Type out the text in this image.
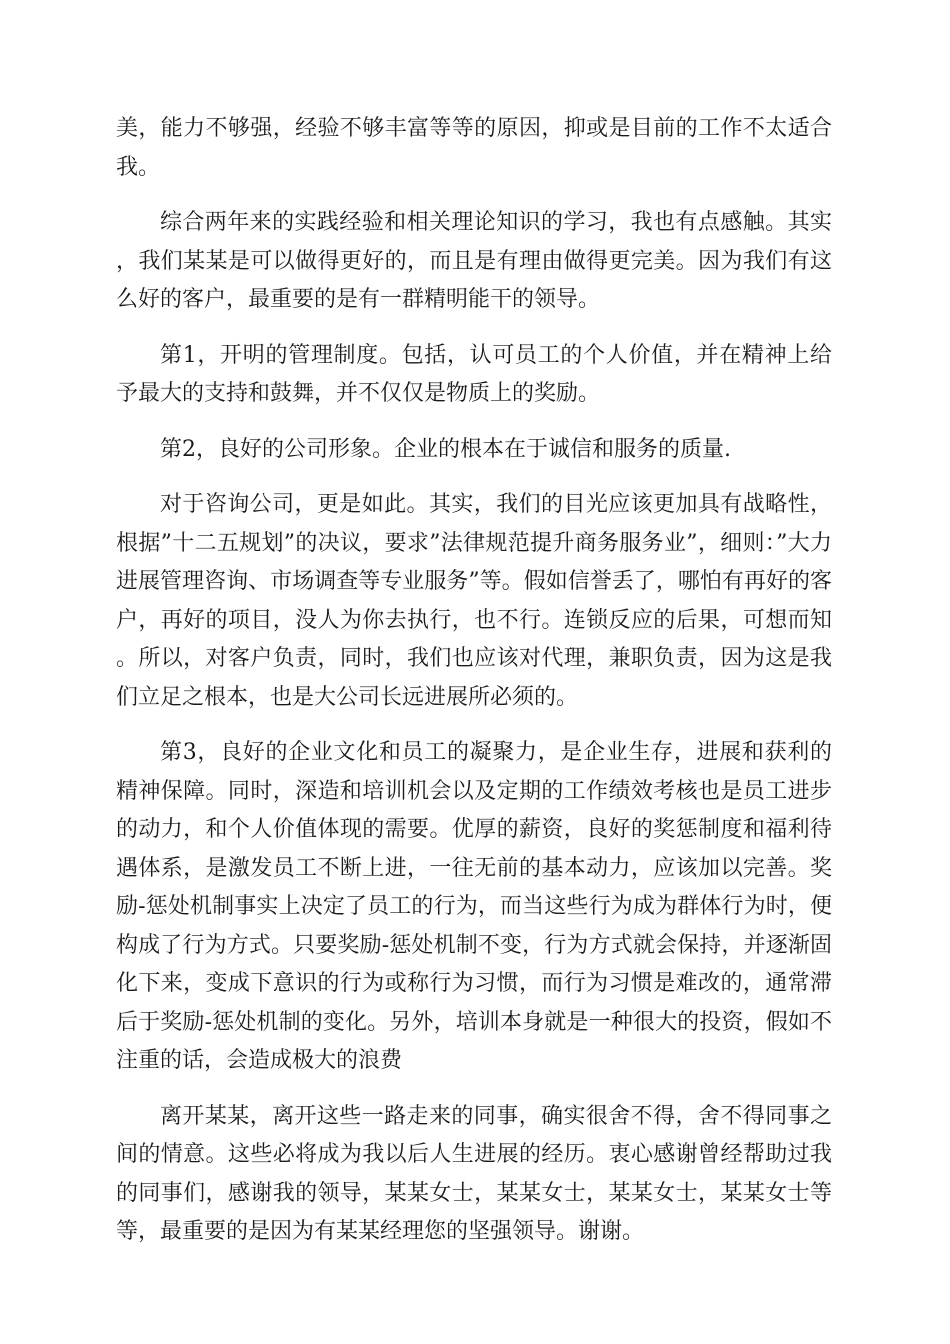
美，能力不够强，经验不够丰富等等的原因，抑或是目前的工作不太适合我。

综合两年来的实践经验和相关理论知识的学习，我也有点感触。其实，我们某某是可以做得更好的，而且是有理由做得更完美。因为我们有这么好的客户，最重要的是有一群精明能干的领导。

第1，开明的管理制度。包括，认可员工的个人价值，并在精神上给予最大的支持和鼓舞，并不仅仅是物质上的奖励。

第2，良好的公司形象。企业的根本在于诚信和服务的质量.

对于咨询公司，更是如此。其实，我们的目光应该更加具有战略性，根据”十二五规划”的决议，要求”法律规范提升商务服务业”，细则：”大力进展管理咨询、市场调查等专业服务”等。假如信誉丢了，哪怕有再好的客户，再好的项目，没人为你去执行，也不行。连锁反应的后果，可想而知。所以，对客户负责，同时，我们也应该对代理，兼职负责，因为这是我们立足之根本，也是大公司长远进展所必须的。

第3，良好的企业文化和员工的凝聚力，是企业生存，进展和获利的精神保障。同时，深造和培训机会以及定期的工作绩效考核也是员工进步的动力，和个人价值体现的需要。优厚的薪资，良好的奖惩制度和福利待遇体系，是激发员工不断上进，一往无前的基本动力，应该加以完善。奖励-惩处机制事实上决定了员工的行为，而当这些行为成为群体行为时，便构成了行为方式。只要奖励-惩处机制不变，行为方式就会保持，并逐渐固化下来，变成下意识的行为或称行为习惯，而行为习惯是难改的，通常滞后于奖励-惩处机制的变化。另外，培训本身就是一种很大的投资，假如不注重的话，会造成极大的浪费

离开某某，离开这些一路走来的同事，确实很舍不得，舍不得同事之间的情意。这些必将成为我以后人生进展的经历。衷心感谢曾经帮助过我的同事们，感谢我的领导，某某女士，某某女士，某某女士，某某女士等等，最重要的是因为有某某经理您的坚强领导。谢谢。
